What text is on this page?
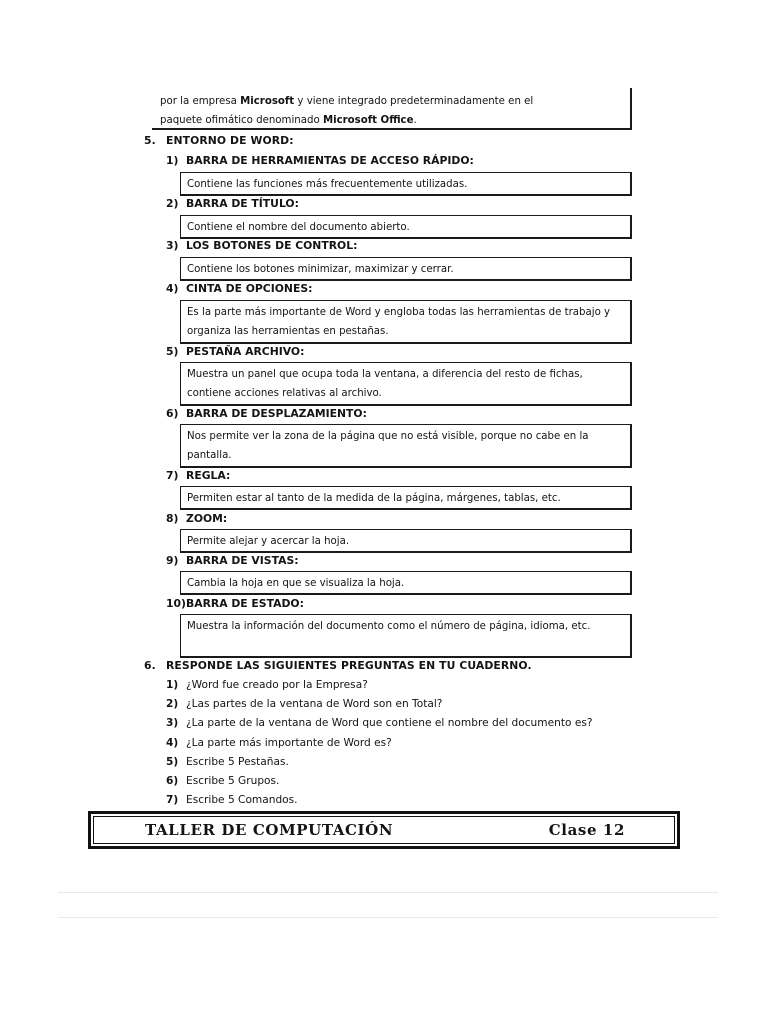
por la empresa Microsoft y viene integrado predeterminadamente en el
paquete ofimático denominado Microsoft Office.
5. ENTORNO DE WORD:
1) BARRA DE HERRAMIENTAS DE ACCESO RÁPIDO:
Contiene las funciones más frecuentemente utilizadas.
2) BARRA DE TÍTULO:
Contiene el nombre del documento abierto.
3) LOS BOTONES DE CONTROL:
Contiene los botones minimizar, maximizar y cerrar.
4) CINTA DE OPCIONES:
Es la parte más importante de Word y engloba todas las herramientas de trabajo y organiza las herramientas en pestañas.
5) PESTAÑA ARCHIVO:
Muestra un panel que ocupa toda la ventana, a diferencia del resto de fichas, contiene acciones relativas al archivo.
6) BARRA DE DESPLAZAMIENTO:
Nos permite ver la zona de la página que no está visible, porque no cabe en la pantalla.
7) REGLA:
Permiten estar al tanto de la medida de la página, márgenes, tablas, etc.
8) ZOOM:
Permite alejar y acercar la hoja.
9) BARRA DE VISTAS:
Cambia la hoja en que se visualiza la hoja.
10)BARRA DE ESTADO:
Muestra la información del documento como el número de página, idioma, etc.
6. RESPONDE LAS SIGUIENTES PREGUNTAS EN TU CUADERNO.
1) ¿Word fue creado por la Empresa?
2) ¿Las partes de la ventana de Word son en Total?
3) ¿La parte de la ventana de Word que contiene el nombre del documento es?
4) ¿La parte más importante de Word es?
5) Escribe 5 Pestañas.
6) Escribe 5 Grupos.
7) Escribe 5 Comandos.
TALLER DE COMPUTACIÓN	Clase 12
